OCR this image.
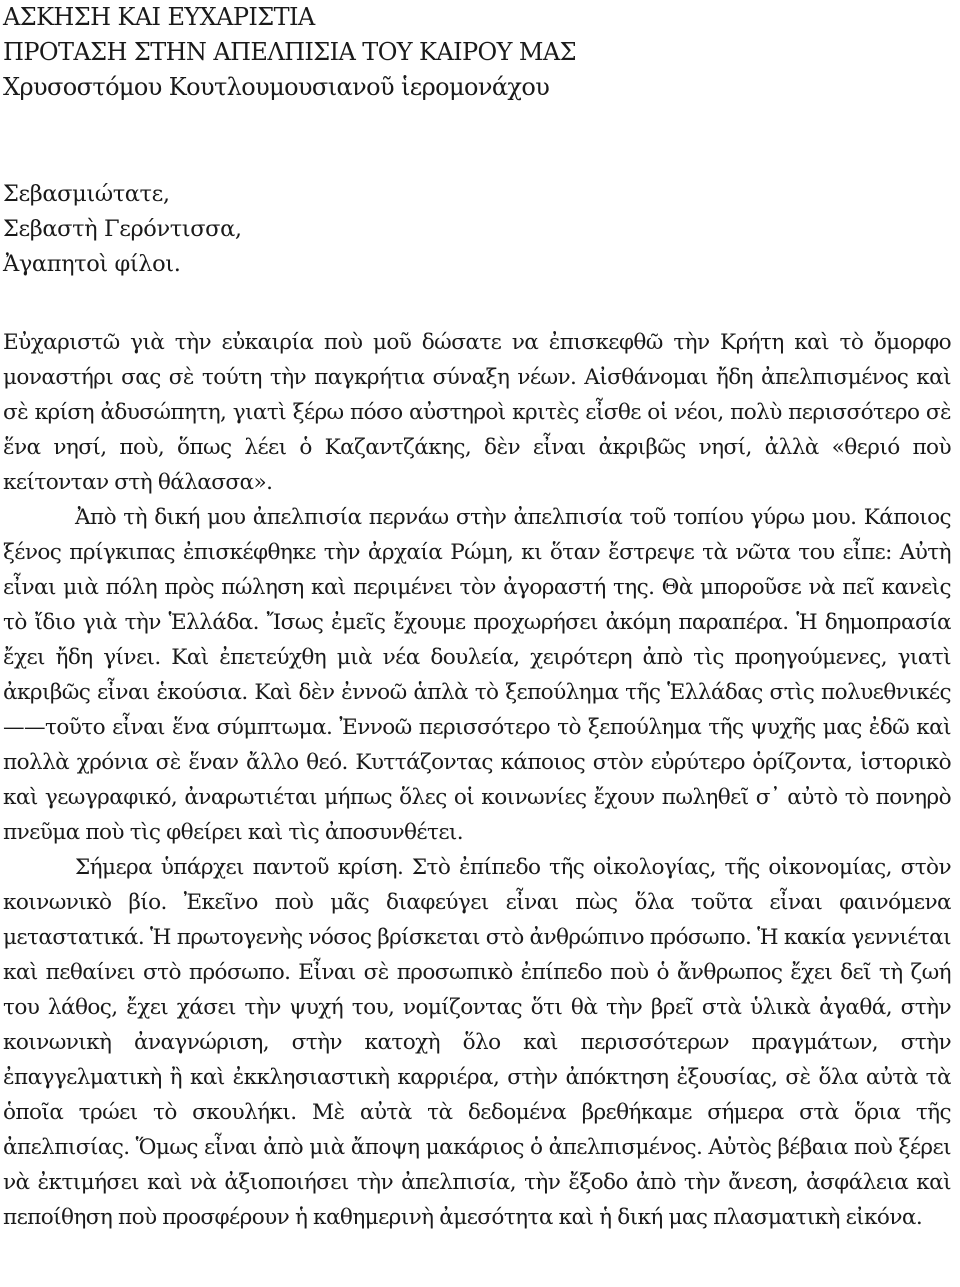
ΑΣΚΗΣΗ ΚΑΙ ΕΥΧΑΡΙΣΤΙΑ
ΠΡΟΤΑΣΗ ΣΤΗΝ ΑΠΕΛΠΙΣΙΑ ΤΟΥ ΚΑΙΡΟΥ ΜΑΣ
Χρυσοστόμου Κουτλουμουσιανοῦ ἱερομονάχου
Σεβασμιώτατε,
Σεβαστὴ Γερόντισσα,
Ἀγαπητοὶ φίλοι.

Εὐχαριστῶ γιὰ τὴν εὐκαιρία ποὺ μοῦ δώσατε να ἐπισκεφθῶ τὴν Κρήτη καὶ τὸ ὄμορφο μοναστήρι σας σὲ τούτη τὴν παγκρήτια σύναξη νέων. Αἰσθάνομαι ἤδη ἀπελπισμένος καὶ σὲ κρίση ἀδυσώπητη, γιατὶ ξέρω πόσο αὐστηροὶ κριτὲς εἶσθε οἱ νέοι, πολὺ περισσότερο σὲ ἕνα νησί, ποὺ, ὅπως λέει ὁ Καζαντζάκης, δὲν εἶναι ἀκριβῶς νησί, ἀλλὰ «θεριό ποὺ κείτονταν στὴ θάλασσα».

Ἀπὸ τὴ δική μου ἀπελπισία περνάω στὴν ἀπελπισία τοῦ τοπίου γύρω μου. Κάποιος ξένος πρίγκιπας ἐπισκέφθηκε τὴν ἀρχαία Ρώμη, κι ὅταν ἔστρεψε τὰ νῶτα του εἶπε: Αὐτὴ εἶναι μιὰ πόλη πρὸς πώληση καὶ περιμένει τὸν ἀγοραστή της. Θὰ μποροῦσε νὰ πεῖ κανεὶς τὸ ἴδιο γιὰ τὴν Ἑλλάδα. Ἴσως ἐμεῖς ἔχουμε προχωρήσει ἀκόμη παραπέρα. Ἡ δημοπρασία ἔχει ἤδη γίνει. Καὶ ἐπετεύχθη μιὰ νέα δουλεία, χειρότερη ἀπὸ τὶς προηγούμενες, γιατὶ ἀκριβῶς εἶναι ἑκούσια. Καὶ δὲν ἐννοῶ ἁπλὰ τὸ ξεπούλημα τῆς Ἑλλάδας στὶς πολυεθνικές——τοῦτο εἶναι ἕνα σύμπτωμα. Ἐννοῶ περισσότερο τὸ ξεπούλημα τῆς ψυχῆς μας ἐδῶ καὶ πολλὰ χρόνια σὲ ἕναν ἄλλο θεό. Κυττάζοντας κάποιος στὸν εὐρύτερο ὁρίζοντα, ἱστορικὸ καὶ γεωγραφικό, ἀναρωτιέται μήπως ὅλες οἱ κοινωνίες ἔχουν πωληθεῖ σ᾽ αὐτὸ τὸ πονηρὸ πνεῦμα ποὺ τὶς φθείρει καὶ τὶς ἀποσυνθέτει.

Σήμερα ὑπάρχει παντοῦ κρίση. Στὸ ἐπίπεδο τῆς οἰκολογίας, τῆς οἰκονομίας, στὸν κοινωνικὸ βίο. Ἐκεῖνο ποὺ μᾶς διαφεύγει εἶναι πὼς ὅλα τοῦτα εἶναι φαινόμενα μεταστατικά. Ἡ πρωτογενὴς νόσος βρίσκεται στὸ ἀνθρώπινο πρόσωπο. Ἡ κακία γεννιέται καὶ πεθαίνει στὸ πρόσωπο. Εἶναι σὲ προσωπικὸ ἐπίπεδο ποὺ ὁ ἄνθρωπος ἔχει δεῖ τὴ ζωή του λάθος, ἔχει χάσει τὴν ψυχή του, νομίζοντας ὅτι θὰ τὴν βρεῖ στὰ ὑλικὰ ἀγαθά, στὴν κοινωνικὴ ἀναγνώριση, στὴν κατοχὴ ὅλο καὶ περισσότερων πραγμάτων, στὴν ἐπαγγελματικὴ ἢ καὶ ἐκκλησιαστικὴ καρριέρα, στὴν ἀπόκτηση ἐξουσίας, σὲ ὅλα αὐτὰ τὰ ὁποῖα τρώει τὸ σκουλήκι. Μὲ αὐτὰ τὰ δεδομένα βρεθήκαμε σήμερα στὰ ὅρια τῆς ἀπελπισίας. Ὅμως εἶναι ἀπὸ μιὰ ἄποψη μακάριος ὁ ἀπελπισμένος. Αὐτὸς βέβαια ποὺ ξέρει νὰ ἐκτιμήσει καὶ νὰ ἀξιοποιήσει τὴν ἀπελπισία, τὴν ἔξοδο ἀπὸ τὴν ἄνεση, ἀσφάλεια καὶ πεποίθηση ποὺ προσφέρουν ἡ καθημερινὴ ἀμεσότητα καὶ ἡ δική μας πλασματικὴ εἰκόνα.
